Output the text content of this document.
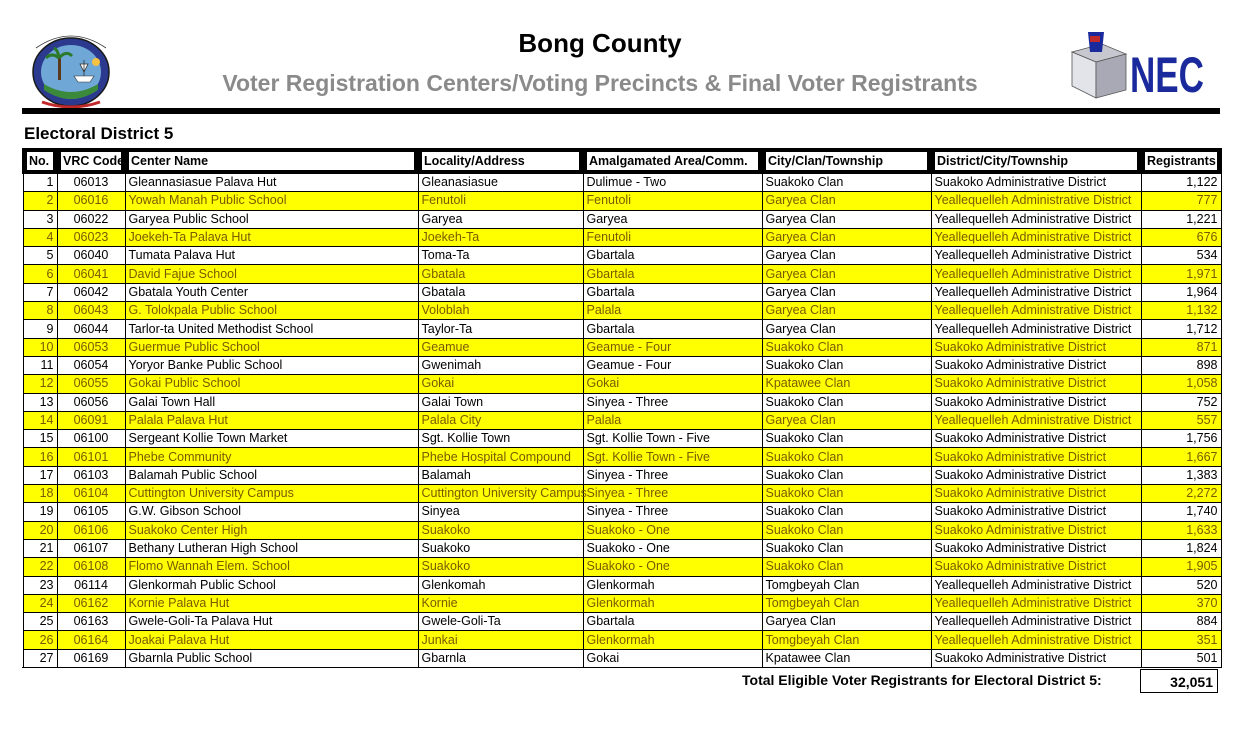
Bong County
Voter Registration Centers/Voting Precincts & Final Voter Registrants	NEC
Electoral District 5
No.	VRC Code	Center Name	Locality/Address	Amalgamated Area/Comm.	City/Clan/Township	District/City/Township	Registrants

1	06013	Gleannasiasue Palava Hut	Gleanasiasue	Dulimue - Two	Suakoko Clan	Suakoko Administrative District	1,122
2	06016	Yowah Manah Public School	Fenutoli	Fenutoli	Garyea Clan	Yeallequelleh Administrative District	777
3	06022	Garyea Public School	Garyea	Garyea	Garyea Clan	Yeallequelleh Administrative District	1,221
4	06023	Joekeh-Ta Palava Hut	Joekeh-Ta	Fenutoli	Garyea Clan	Yeallequelleh Administrative District	676
5	06040	Tumata Palava Hut	Toma-Ta	Gbartala	Garyea Clan	Yeallequelleh Administrative District	534
6	06041	David Fajue School	Gbatala	Gbartala	Garyea Clan	Yeallequelleh Administrative District	1,971
7	06042	Gbatala Youth Center	Gbatala	Gbartala	Garyea Clan	Yeallequelleh Administrative District	1,964
8	06043	G. Tolokpala Public School	Voloblah	Palala	Garyea Clan	Yeallequelleh Administrative District	1,132
9	06044	Tarlor-ta United Methodist School	Taylor-Ta	Gbartala	Garyea Clan	Yeallequelleh Administrative District	1,712
10	06053	Guermue Public School	Geamue	Geamue - Four	Suakoko Clan	Suakoko Administrative District	871
11	06054	Yoryor Banke Public School	Gwenimah	Geamue - Four	Suakoko Clan	Suakoko Administrative District	898
12	06055	Gokai Public School	Gokai	Gokai	Kpatawee Clan	Suakoko Administrative District	1,058
13	06056	Galai Town Hall	Galai Town	Sinyea - Three	Suakoko Clan	Suakoko Administrative District	752
14	06091	Palala Palava Hut	Palala City	Palala	Garyea Clan	Yeallequelleh Administrative District	557
15	06100	Sergeant Kollie Town Market	Sgt. Kollie Town	Sgt. Kollie Town - Five	Suakoko Clan	Suakoko Administrative District	1,756
16	06101	Phebe Community	Phebe Hospital Compound	Sgt. Kollie Town - Five	Suakoko Clan	Suakoko Administrative District	1,667
17	06103	Balamah Public School	Balamah	Sinyea - Three	Suakoko Clan	Suakoko Administrative District	1,383
18	06104	Cuttington University Campus	Cuttington University Campus	Sinyea - Three	Suakoko Clan	Suakoko Administrative District	2,272
19	06105	G.W. Gibson School	Sinyea	Sinyea - Three	Suakoko Clan	Suakoko Administrative District	1,740
20	06106	Suakoko Center High	Suakoko	Suakoko - One	Suakoko Clan	Suakoko Administrative District	1,633
21	06107	Bethany Lutheran High School	Suakoko	Suakoko - One	Suakoko Clan	Suakoko Administrative District	1,824
22	06108	Flomo Wannah Elem. School	Suakoko	Suakoko - One	Suakoko Clan	Suakoko Administrative District	1,905
23	06114	Glenkormah Public School	Glenkomah	Glenkormah	Tomgbeyah Clan	Yeallequelleh Administrative District	520
24	06162	Kornie Palava Hut	Kornie	Glenkormah	Tomgbeyah Clan	Yeallequelleh Administrative District	370
25	06163	Gwele-Goli-Ta Palava Hut	Gwele-Goli-Ta	Gbartala	Garyea Clan	Yeallequelleh Administrative District	884
26	06164	Joakai Palava Hut	Junkai	Glenkormah	Tomgbeyah Clan	Yeallequelleh Administrative District	351
27	06169	Gbarnla Public School	Gbarnla	Gokai	Kpatawee Clan	Suakoko Administrative District	501
Total Eligible Voter Registrants for Electoral District 5:	32,051
